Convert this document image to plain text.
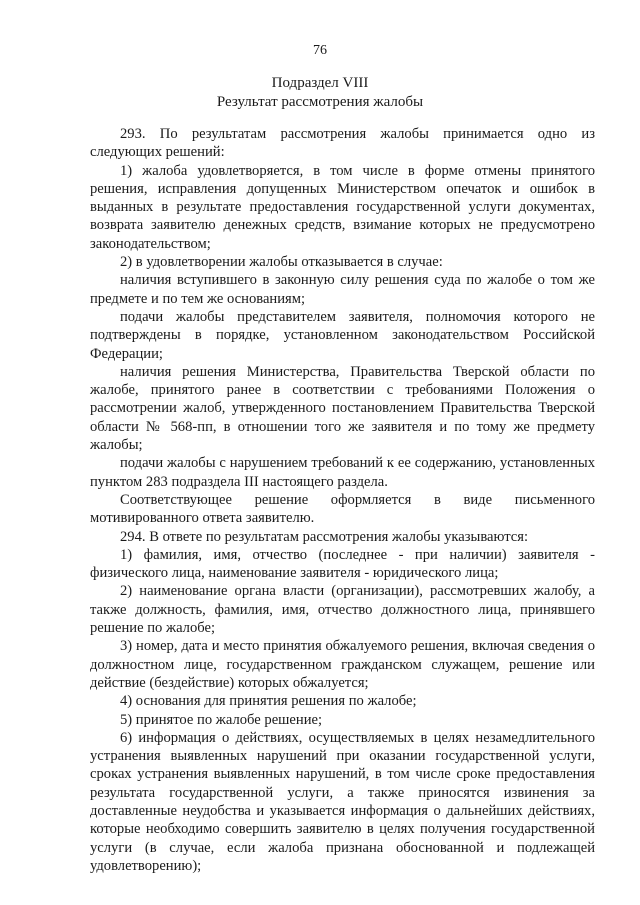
76
Подраздел VIII
Результат рассмотрения жалобы

293. По результатам рассмотрения жалобы принимается одно из следующих решений:

1) жалоба удовлетворяется, в том числе в форме отмены принятого решения, исправления допущенных Министерством опечаток и ошибок в выданных в результате предоставления государственной услуги документах, возврата заявителю денежных средств, взимание которых не предусмотрено законодательством;

2) в удовлетворении жалобы отказывается в случае:

наличия вступившего в законную силу решения суда по жалобе о том же предмете и по тем же основаниям;

подачи жалобы представителем заявителя, полномочия которого не подтверждены в порядке, установленном законодательством Российской Федерации;

наличия решения Министерства, Правительства Тверской области по жалобе, принятого ранее в соответствии с требованиями Положения о рассмотрении жалоб, утвержденного постановлением Правительства Тверской области № 568-пп, в отношении того же заявителя и по тому же предмету жалобы;

подачи жалобы с нарушением требований к ее содержанию, установленных пунктом 283 подраздела III настоящего раздела.

Соответствующее решение оформляется в виде письменного мотивированного ответа заявителю.

294. В ответе по результатам рассмотрения жалобы указываются:

1) фамилия, имя, отчество (последнее - при наличии) заявителя - физического лица, наименование заявителя - юридического лица;

2) наименование органа власти (организации), рассмотревших жалобу, а также должность, фамилия, имя, отчество должностного лица, принявшего решение по жалобе;

3) номер, дата и место принятия обжалуемого решения, включая сведения о должностном лице, государственном гражданском служащем, решение или действие (бездействие) которых обжалуется;

4) основания для принятия решения по жалобе;

5) принятое по жалобе решение;

6) информация о действиях, осуществляемых в целях незамедлительного устранения выявленных нарушений при оказании государственной услуги, сроках устранения выявленных нарушений, в том числе сроке предоставления результата государственной услуги, а также приносятся извинения за доставленные неудобства и указывается информация о дальнейших действиях, которые необходимо совершить заявителю в целях получения государственной услуги (в случае, если жалоба признана обоснованной и подлежащей удовлетворению);
